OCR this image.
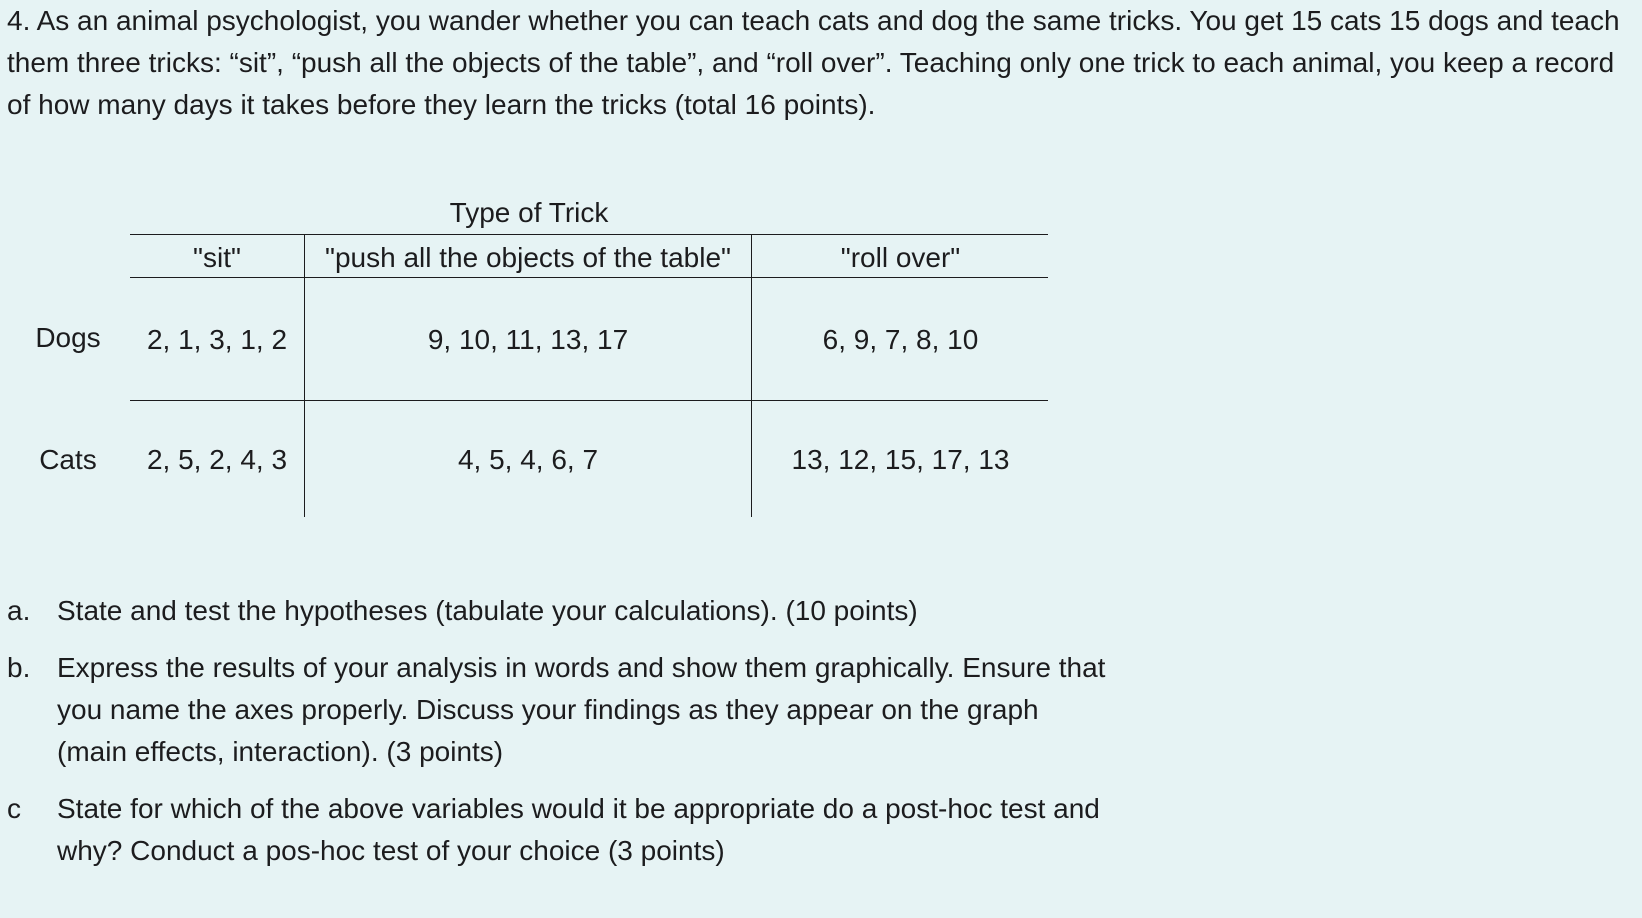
4. As an animal psychologist, you wander whether you can teach cats and dog the same tricks. You get 15 cats 15 dogs and teach them three tricks: “sit”, “push all the objects of the table”, and “roll over”. Teaching only one trick to each animal, you keep a record of how many days it takes before they learn the tricks (total 16 points).

Type of Trick
"sit"	"push all the objects of the table"	"roll over"
Dogs	2, 1, 3, 1, 2	9, 10, 11, 13, 17	6, 9, 7, 8, 10
Cats	2, 5, 2, 4, 3	4, 5, 4, 6, 7	13, 12, 15, 17, 13
a. State and test the hypotheses (tabulate your calculations). (10 points)
b. Express the results of your analysis in words and show them graphically. Ensure that you name the axes properly. Discuss your findings as they appear on the graph (main effects, interaction). (3 points)
c State for which of the above variables would it be appropriate do a post-hoc test and why? Conduct a pos-hoc test of your choice (3 points)
